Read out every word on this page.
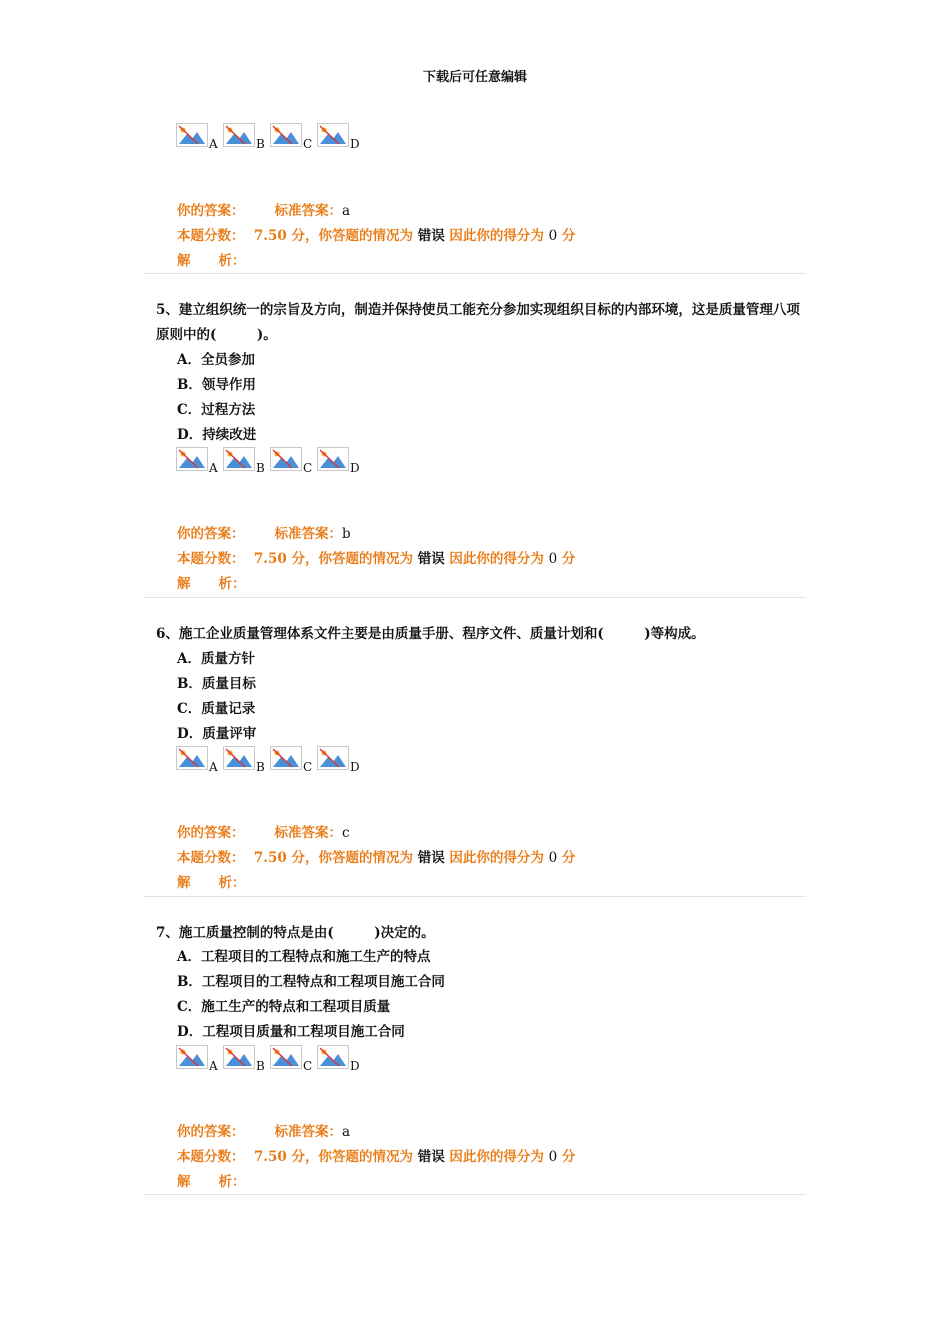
下载后可任意编辑
A	B	C	D
你的答案： 标准答案：a
本题分数： 7.50 分，你答题的情况为 错误 因此你的得分为 0 分
解 析：
5、建立组织统一的宗旨及方向，制造并保持使员工能充分参加实现组织目标的内部环境，这是质量管理八项原则中的(　　　)。
A．全员参加
B．领导作用
C．过程方法
D．持续改进
A	B	C	D
你的答案： 标准答案：b
本题分数： 7.50 分，你答题的情况为 错误 因此你的得分为 0 分
解 析：
6、施工企业质量管理体系文件主要是由质量手册、程序文件、质量计划和(　　　)等构成。
A．质量方针
B．质量目标
C．质量记录
D．质量评审
A	B	C	D
你的答案： 标准答案：c
本题分数： 7.50 分，你答题的情况为 错误 因此你的得分为 0 分
解 析：
7、施工质量控制的特点是由(　　　)决定的。
A．工程项目的工程特点和施工生产的特点
B．工程项目的工程特点和工程项目施工合同
C．施工生产的特点和工程项目质量
D．工程项目质量和工程项目施工合同
A	B	C	D
你的答案： 标准答案：a
本题分数： 7.50 分，你答题的情况为 错误 因此你的得分为 0 分
解 析：
